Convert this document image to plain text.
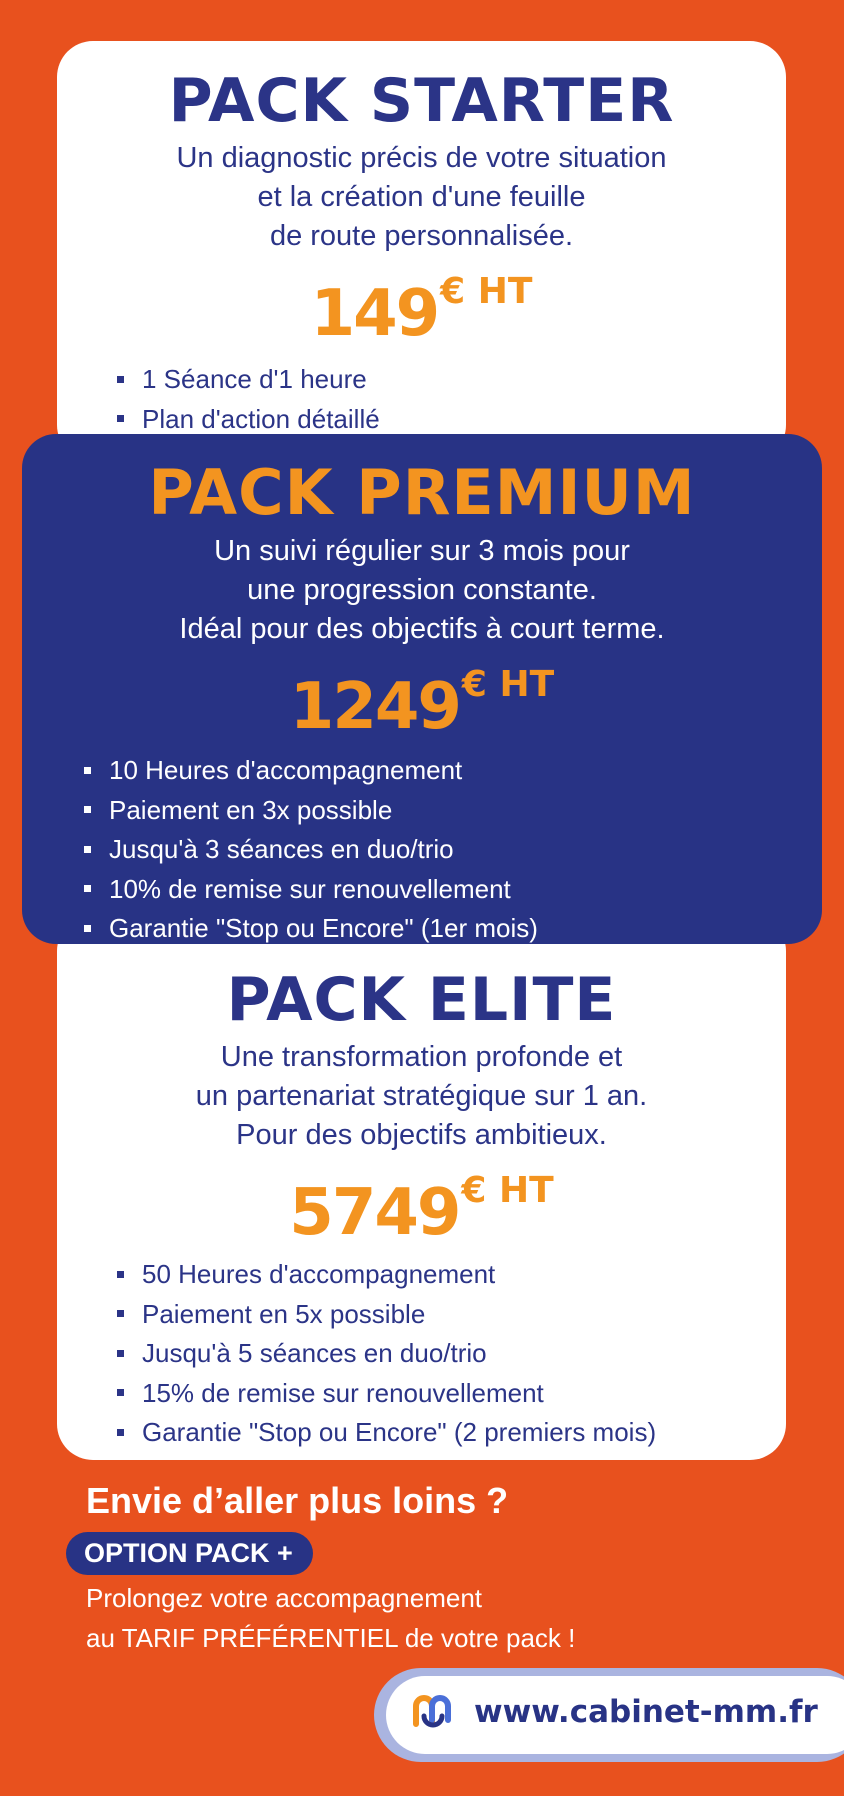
PACK STARTER
Un diagnostic précis de votre situation
et la création d'une feuille
de route personnalisée.
149€ HT
1 Séance d'1 heure
Plan d'action détaillé
PACK PREMIUM
Un suivi régulier sur 3 mois pour
une progression constante.
Idéal pour des objectifs à court terme.
1249€ HT
10 Heures d'accompagnement
Paiement en 3x possible
Jusqu'à 3 séances en duo/trio
10% de remise sur renouvellement
Garantie "Stop ou Encore" (1er mois)
PACK ELITE
Une transformation profonde et
un partenariat stratégique sur 1 an.
Pour des objectifs ambitieux.
5749€ HT
50 Heures d'accompagnement
Paiement en 5x possible
Jusqu'à 5 séances en duo/trio
15% de remise sur renouvellement
Garantie "Stop ou Encore" (2 premiers mois)
Envie d’aller plus loins ?
OPTION PACK +
Prolongez votre accompagnement
au TARIF PRÉFÉRENTIEL de votre pack !
www.cabinet-mm.fr
